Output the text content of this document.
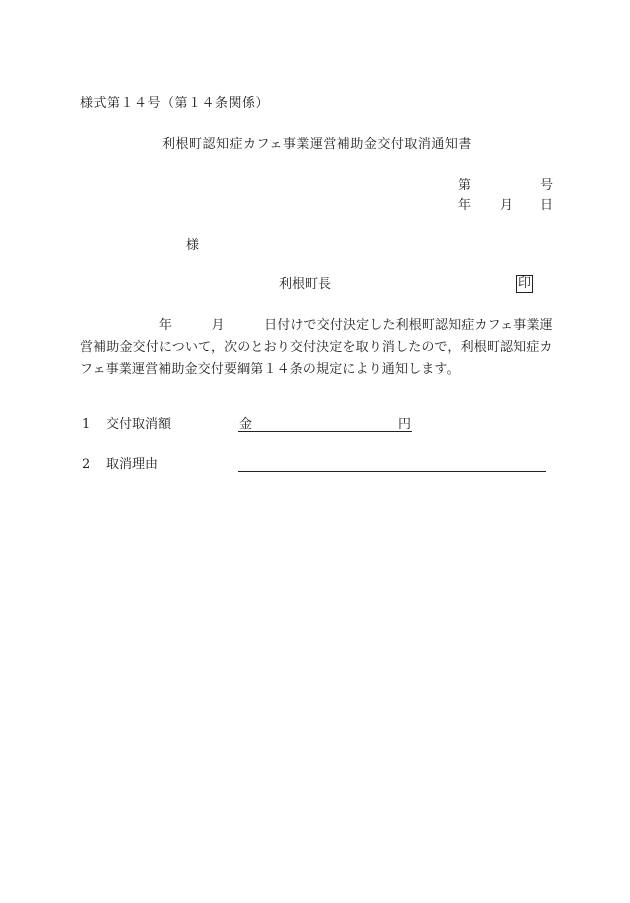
様式第１４号（第１４条関係）
利根町認知症カフェ事業運営補助金交付取消通知書
第	号
年 月 日
様
利根町長	印
　　　　　　年　　　月　　　日付けで交付決定した利根町認知症カフェ事業運営補助金交付について，次のとおり交付決定を取り消したので，利根町認知症カフェ事業運営補助金交付要綱第１４条の規定により通知します。
1 交付取消額	金	円
2 取消理由
